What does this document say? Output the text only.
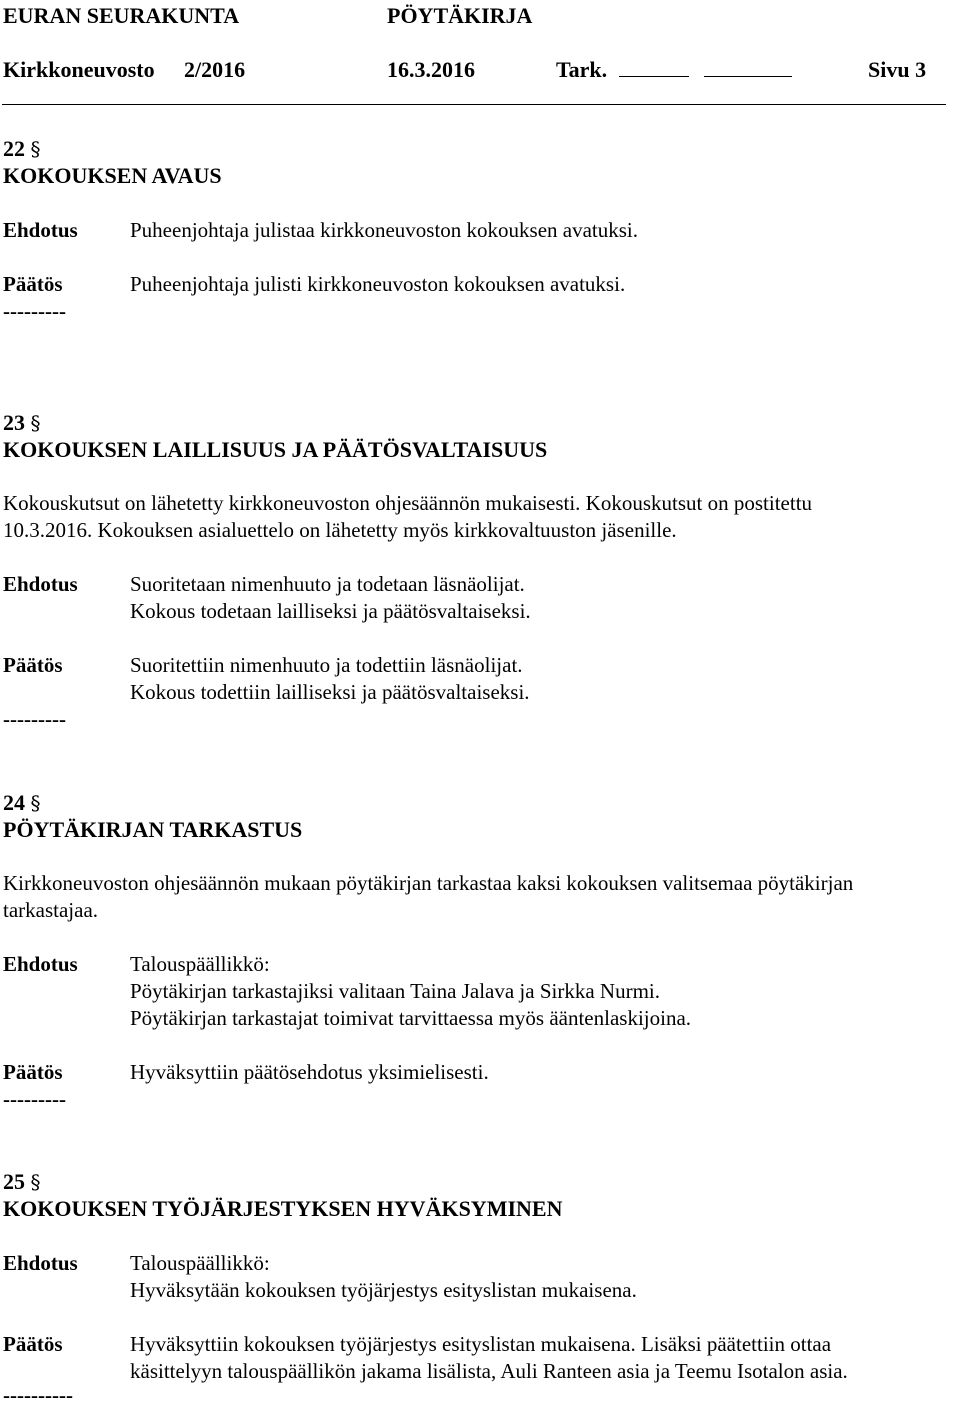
EURAN SEURAKUNTA	PÖYTÄKIRJA
Kirkkoneuvosto 2/2016	16.3.2016	Tark.	Sivu 3
22 §
KOKOUKSEN AVAUS
Ehdotus Puheenjohtaja julistaa kirkkoneuvoston kokouksen avatuksi.
Päätös	Puheenjohtaja julisti kirkkoneuvoston kokouksen avatuksi.
---------
23 §
KOKOUKSEN LAILLISUUS JA PÄÄTÖSVALTAISUUS
Kokouskutsut on lähetetty kirkkoneuvoston ohjesäännön mukaisesti. Kokouskutsut on postitettu
10.3.2016. Kokouksen asialuettelo on lähetetty myös kirkkovaltuuston jäsenille.
Ehdotus Suoritetaan nimenhuuto ja todetaan läsnäolijat.
Kokous todetaan lailliseksi ja päätösvaltaiseksi.
Päätös	Suoritettiin nimenhuuto ja todettiin läsnäolijat.
Kokous todettiin lailliseksi ja päätösvaltaiseksi.
---------
24 §
PÖYTÄKIRJAN TARKASTUS
Kirkkoneuvoston ohjesäännön mukaan pöytäkirjan tarkastaa kaksi kokouksen valitsemaa pöytäkirjan
tarkastajaa.
Ehdotus Talouspäällikkö:
Pöytäkirjan tarkastajiksi valitaan Taina Jalava ja Sirkka Nurmi.
Pöytäkirjan tarkastajat toimivat tarvittaessa myös ääntenlaskijoina.
Päätös	Hyväksyttiin päätösehdotus yksimielisesti.
---------
25 §
KOKOUKSEN TYÖJÄRJESTYKSEN HYVÄKSYMINEN
Ehdotus Talouspäällikkö:
Hyväksytään kokouksen työjärjestys esityslistan mukaisena.
Päätös	Hyväksyttiin kokouksen työjärjestys esityslistan mukaisena. Lisäksi päätettiin ottaa
käsittelyyn talouspäällikön jakama lisälista, Auli Ranteen asia ja Teemu Isotalon asia.
----------
